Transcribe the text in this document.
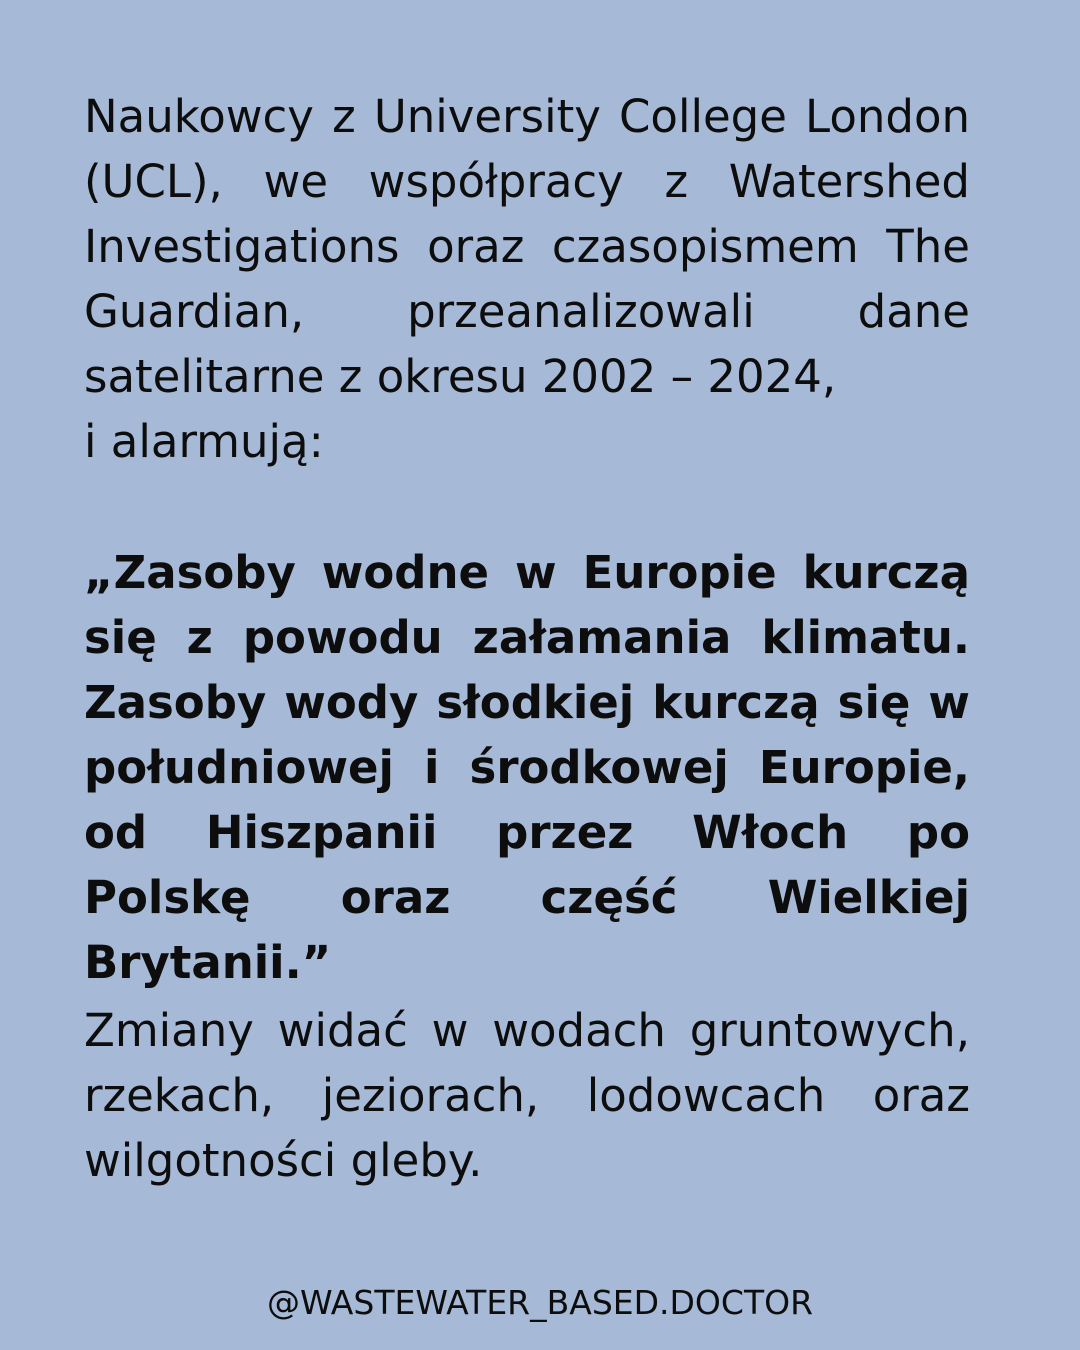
Naukowcy z University College London (UCL), we współpracy z Watershed Investigations oraz czasopismem The Guardian, przeanalizowali dane satelitarne z okresu 2002 – 2024,
i alarmują:

„Zasoby wodne w Europie kurczą się z powodu załamania klimatu. Zasoby wody słodkiej kurczą się w południowej i środkowej Europie, od Hiszpanii przez Włoch po Polskę oraz część Wielkiej Brytanii.”

Zmiany widać w wodach gruntowych, rzekach, jeziorach, lodowcach oraz wilgotności gleby.

@WASTEWATER_BASED.DOCTOR
